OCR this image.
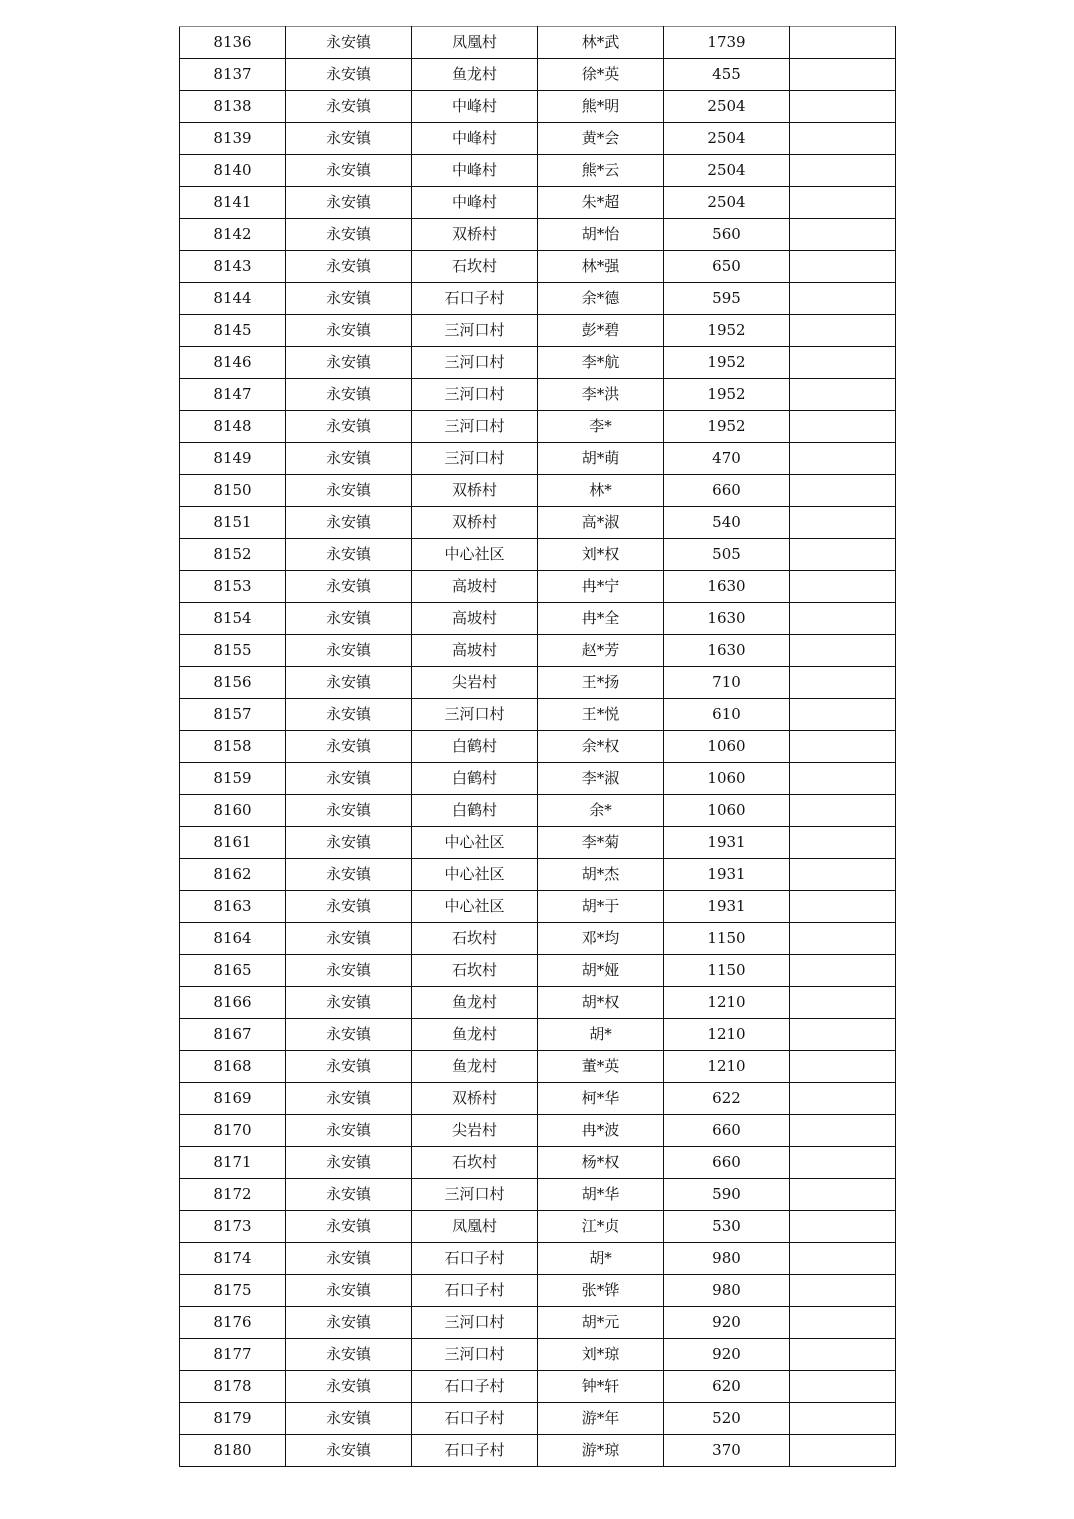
8136	永安镇	凤凰村	林*武	1739	
8137	永安镇	鱼龙村	徐*英	455	
8138	永安镇	中峰村	熊*明	2504	
8139	永安镇	中峰村	黄*会	2504	
8140	永安镇	中峰村	熊*云	2504	
8141	永安镇	中峰村	朱*超	2504	
8142	永安镇	双桥村	胡*怡	560	
8143	永安镇	石坎村	林*强	650	
8144	永安镇	石口子村	余*德	595	
8145	永安镇	三河口村	彭*碧	1952	
8146	永安镇	三河口村	李*航	1952	
8147	永安镇	三河口村	李*洪	1952	
8148	永安镇	三河口村	李*	1952	
8149	永安镇	三河口村	胡*萌	470	
8150	永安镇	双桥村	林*	660	
8151	永安镇	双桥村	高*淑	540	
8152	永安镇	中心社区	刘*权	505	
8153	永安镇	高坡村	冉*宁	1630	
8154	永安镇	高坡村	冉*全	1630	
8155	永安镇	高坡村	赵*芳	1630	
8156	永安镇	尖岩村	王*扬	710	
8157	永安镇	三河口村	王*悦	610	
8158	永安镇	白鹤村	余*权	1060	
8159	永安镇	白鹤村	李*淑	1060	
8160	永安镇	白鹤村	余*	1060	
8161	永安镇	中心社区	李*菊	1931	
8162	永安镇	中心社区	胡*杰	1931	
8163	永安镇	中心社区	胡*于	1931	
8164	永安镇	石坎村	邓*均	1150	
8165	永安镇	石坎村	胡*娅	1150	
8166	永安镇	鱼龙村	胡*权	1210	
8167	永安镇	鱼龙村	胡*	1210	
8168	永安镇	鱼龙村	董*英	1210	
8169	永安镇	双桥村	柯*华	622	
8170	永安镇	尖岩村	冉*波	660	
8171	永安镇	石坎村	杨*权	660	
8172	永安镇	三河口村	胡*华	590	
8173	永安镇	凤凰村	江*贞	530	
8174	永安镇	石口子村	胡*	980	
8175	永安镇	石口子村	张*铧	980	
8176	永安镇	三河口村	胡*元	920	
8177	永安镇	三河口村	刘*琼	920	
8178	永安镇	石口子村	钟*轩	620	
8179	永安镇	石口子村	游*年	520	
8180	永安镇	石口子村	游*琼	370	
